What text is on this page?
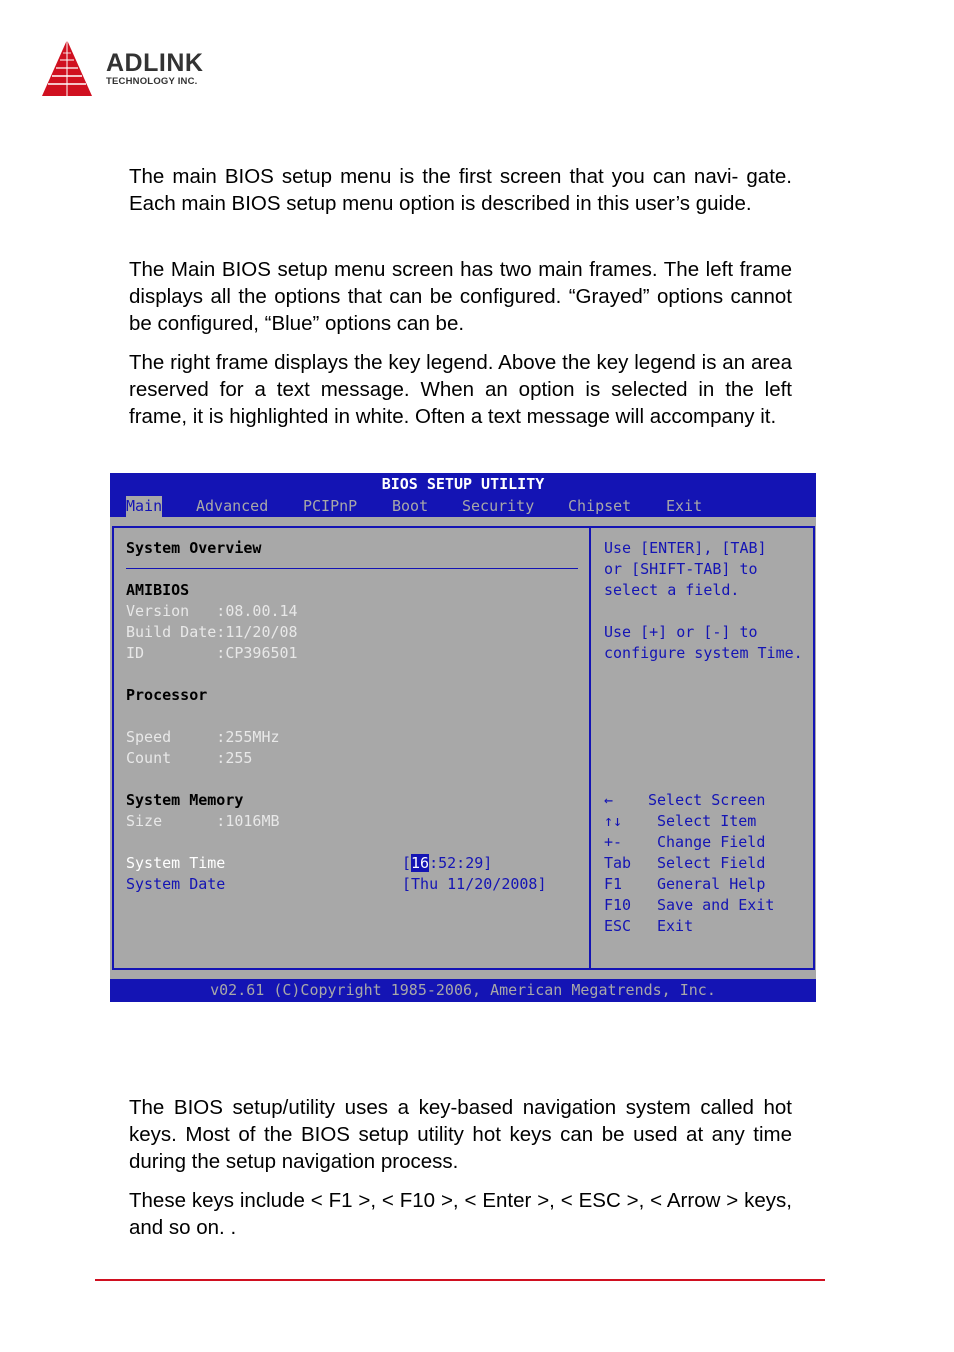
ADLINK
TECHNOLOGY INC.

The main BIOS setup menu is the first screen that you can navi- gate. Each main BIOS setup menu option is described in this user’s guide.

The Main BIOS setup menu screen has two main frames. The left frame displays all the options that can be configured. “Grayed” options cannot be configured, “Blue” options can be.

The right frame displays the key legend. Above the key legend is an area reserved for a text message. When an option is selected in the left frame, it is highlighted in white. Often a text message will accompany it.

BIOS SETUP UTILITY
Main Advanced PCIPnP Boot Security Chipset Exit
System Overview
AMIBIOS
Version   :08.00.14
Build Date:11/20/08
ID        :CP396501
Processor
Speed     :255MHz
Count     :255
System Memory
Size      :1016MB
System Time
System Date
[16:52:29]
[Thu 11/20/2008]
Use [ENTER], [TAB]
or [SHIFT-TAB] to
select a field.
Use [+] or [-] to
configure system Time.
← Select Screen
↑↓ Select Item
+- Change Field
Tab Select Field
F1 General Help
F10 Save and Exit
ESC Exit
v02.61 (C)Copyright 1985-2006, American Megatrends, Inc.

The BIOS setup/utility uses a key-based navigation system called hot keys. Most of the BIOS setup utility hot keys can be used at any time during the setup navigation process.

These keys include < F1 >, < F10 >, < Enter >, < ESC >, < Arrow > keys, and so on. .
